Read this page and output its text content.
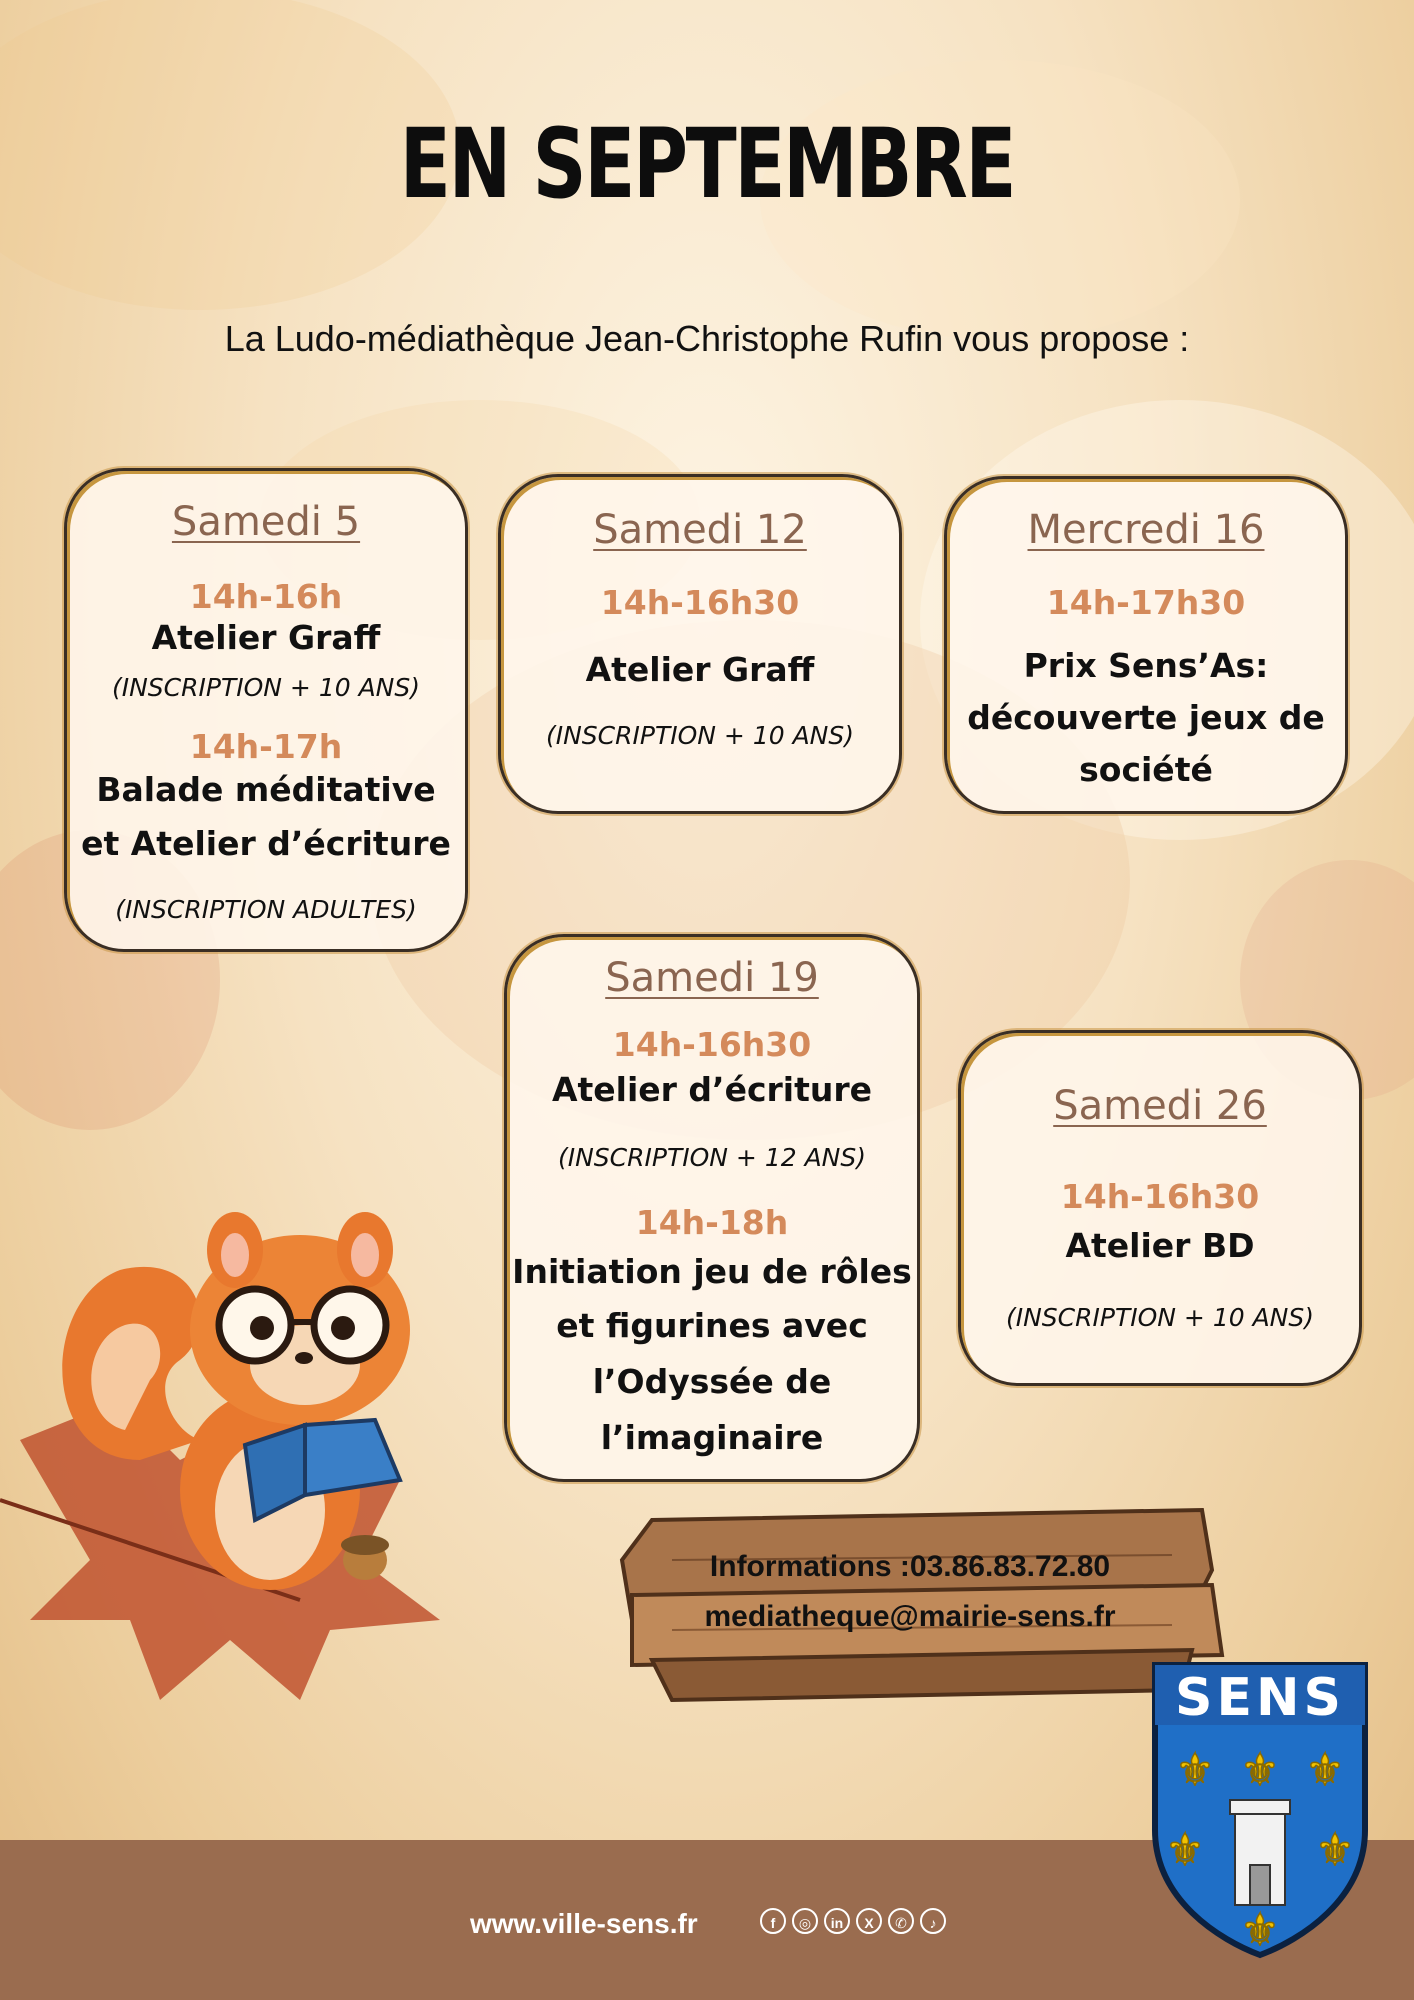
EN SEPTEMBRE
La Ludo-médiathèque Jean-Christophe Rufin vous propose :
Samedi 5
14h-16h
Atelier Graff
(INSCRIPTION + 10 ANS)
14h-17h
Balade méditative
et Atelier d’écriture
(INSCRIPTION ADULTES)
Samedi 12
14h-16h30
Atelier Graff
(INSCRIPTION + 10 ANS)
Mercredi 16
14h-17h30
Prix Sens’As:
découverte jeux de
société
Samedi 19
14h-16h30
Atelier d’écriture
(INSCRIPTION + 12 ANS)
14h-18h
Initiation jeu de rôles
et figurines avec
l’Odyssée de
l’imaginaire
Samedi 26
14h-16h30
Atelier BD
(INSCRIPTION + 10 ANS)
Informations :03.86.83.72.80
mediatheque@mairie-sens.fr
www.ville-sens.fr	f	◎	in	X	✆	♪
SENS
⚜ ⚜ ⚜
⚜	⚜
⚜
